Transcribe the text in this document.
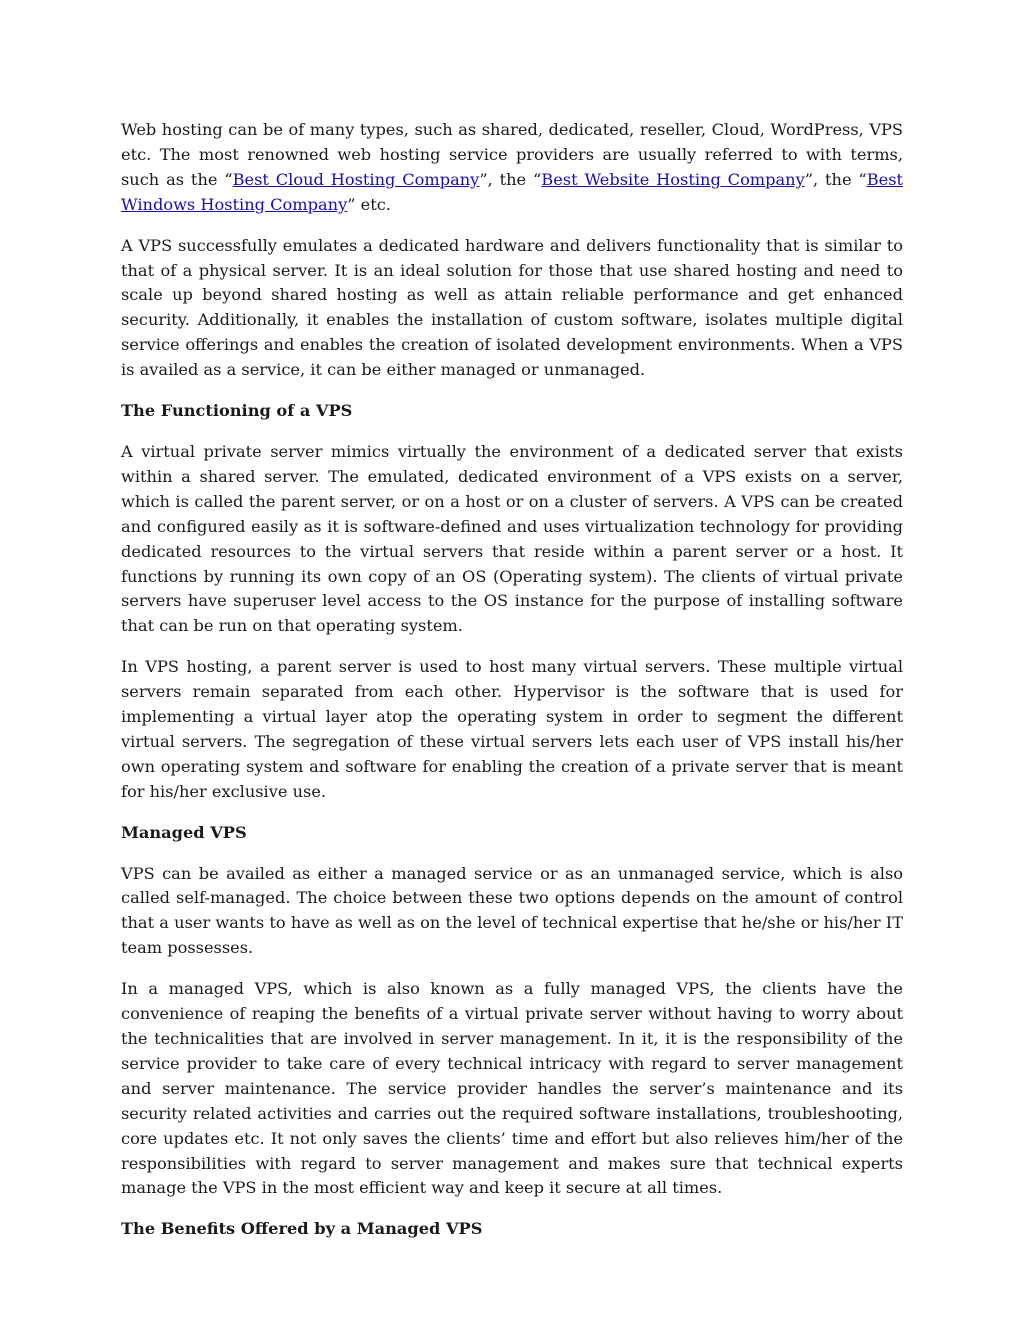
Web hosting can be of many types, such as shared, dedicated, reseller, Cloud, WordPress, VPS etc. The most renowned web hosting service providers are usually referred to with terms, such as the “Best Cloud Hosting Company”, the “Best Website Hosting Company”, the “Best Windows Hosting Company” etc.

A VPS successfully emulates a dedicated hardware and delivers functionality that is similar to that of a physical server. It is an ideal solution for those that use shared hosting and need to scale up beyond shared hosting as well as attain reliable performance and get enhanced security. Additionally, it enables the installation of custom software, isolates multiple digital service offerings and enables the creation of isolated development environments. When a VPS is availed as a service, it can be either managed or unmanaged.

The Functioning of a VPS

A virtual private server mimics virtually the environment of a dedicated server that exists within a shared server. The emulated, dedicated environment of a VPS exists on a server, which is called the parent server, or on a host or on a cluster of servers. A VPS can be created and configured easily as it is software-defined and uses virtualization technology for providing dedicated resources to the virtual servers that reside within a parent server or a host. It functions by running its own copy of an OS (Operating system). The clients of virtual private servers have superuser level access to the OS instance for the purpose of installing software that can be run on that operating system.

In VPS hosting, a parent server is used to host many virtual servers. These multiple virtual servers remain separated from each other. Hypervisor is the software that is used for implementing a virtual layer atop the operating system in order to segment the different virtual servers. The segregation of these virtual servers lets each user of VPS install his/her own operating system and software for enabling the creation of a private server that is meant for his/her exclusive use.

Managed VPS

VPS can be availed as either a managed service or as an unmanaged service, which is also called self-managed. The choice between these two options depends on the amount of control that a user wants to have as well as on the level of technical expertise that he/she or his/her IT team possesses.

In a managed VPS, which is also known as a fully managed VPS, the clients have the convenience of reaping the benefits of a virtual private server without having to worry about the technicalities that are involved in server management. In it, it is the responsibility of the service provider to take care of every technical intricacy with regard to server management and server maintenance. The service provider handles the server’s maintenance and its security related activities and carries out the required software installations, troubleshooting, core updates etc. It not only saves the clients’ time and effort but also relieves him/her of the responsibilities with regard to server management and makes sure that technical experts manage the VPS in the most efficient way and keep it secure at all times.

The Benefits Offered by a Managed VPS
